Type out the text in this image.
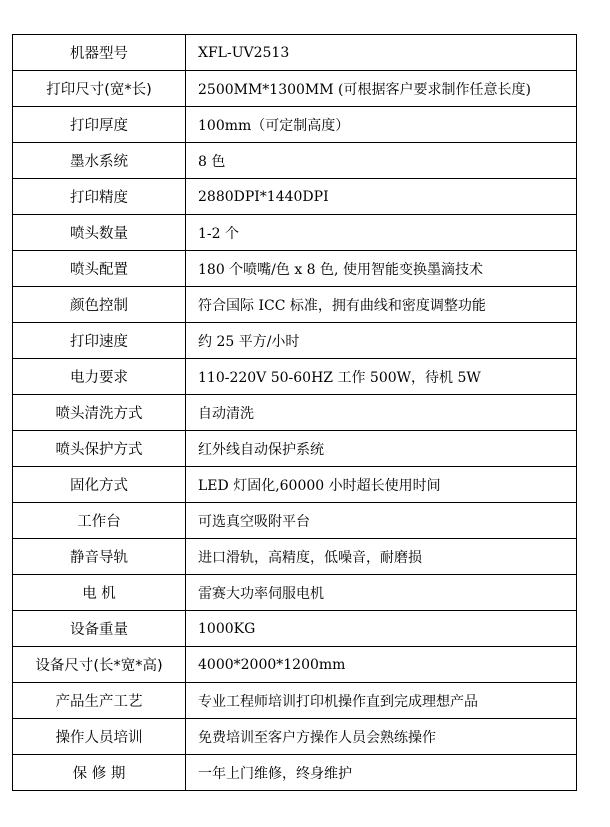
机器型号	XFL-UV2513
打印尺寸(宽*长)	2500MM*1300MM (可根据客户要求制作任意长度)
打印厚度	100mm（可定制高度）
墨水系统	8 色
打印精度	2880DPI*1440DPI
喷头数量	1-2 个
喷头配置	180 个喷嘴/色 x 8 色, 使用智能变换墨滴技术
颜色控制	符合国际 ICC 标准，拥有曲线和密度调整功能
打印速度	约 25 平方/小时
电力要求	110-220V 50-60HZ 工作 500W，待机 5W
喷头清洗方式	自动清洗
喷头保护方式	红外线自动保护系统
固化方式	LED 灯固化,60000 小时超长使用时间
工作台	可选真空吸附平台
静音导轨	进口滑轨，高精度，低噪音，耐磨损
电 机	雷赛大功率伺服电机
设备重量	1000KG
设备尺寸(长*宽*高)	4000*2000*1200mm
产品生产工艺	专业工程师培训打印机操作直到完成理想产品
操作人员培训	免费培训至客户方操作人员会熟练操作
保 修 期	一年上门维修，终身维护
